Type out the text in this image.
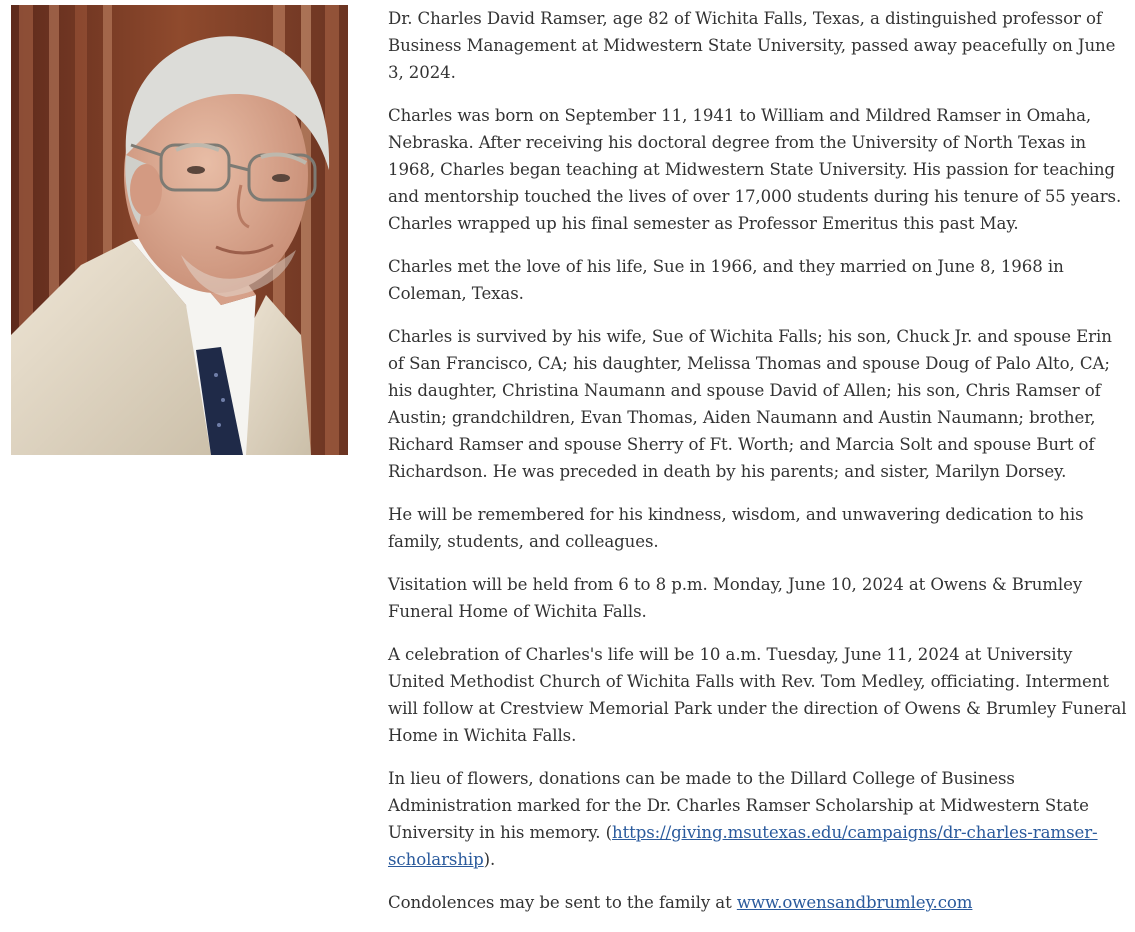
Dr. Charles David Ramser, age 82 of Wichita Falls, Texas, a distinguished professor of Business Management at Midwestern State University, passed away peacefully on June 3, 2024.

Charles was born on September 11, 1941 to William and Mildred Ramser in Omaha, Nebraska. After receiving his doctoral degree from the University of North Texas in 1968, Charles began teaching at Midwestern State University. His passion for teaching and mentorship touched the lives of over 17,000 students during his tenure of 55 years. Charles wrapped up his final semester as Professor Emeritus this past May.

Charles met the love of his life, Sue in 1966, and they married on June 8, 1968 in Coleman, Texas.

Charles is survived by his wife, Sue of Wichita Falls; his son, Chuck Jr. and spouse Erin of San Francisco, CA; his daughter, Melissa Thomas and spouse Doug of Palo Alto, CA; his daughter, Christina Naumann and spouse David of Allen; his son, Chris Ramser of Austin; grandchildren, Evan Thomas, Aiden Naumann and Austin Naumann; brother, Richard Ramser and spouse Sherry of Ft. Worth; and Marcia Solt and spouse Burt of Richardson. He was preceded in death by his parents; and sister, Marilyn Dorsey.

He will be remembered for his kindness, wisdom, and unwavering dedication to his family, students, and colleagues.

Visitation will be held from 6 to 8 p.m. Monday, June 10, 2024 at Owens & Brumley Funeral Home of Wichita Falls.

A celebration of Charles's life will be 10 a.m. Tuesday, June 11, 2024 at University United Methodist Church of Wichita Falls with Rev. Tom Medley, officiating. Interment will follow at Crestview Memorial Park under the direction of Owens & Brumley Funeral Home in Wichita Falls.

In lieu of flowers, donations can be made to the Dillard College of Business Administration marked for the Dr. Charles Ramser Scholarship at Midwestern State University in his memory. (https://giving.msutexas.edu/campaigns/dr-charles-ramser-scholarship).

Condolences may be sent to the family at www.owensandbrumley.com
